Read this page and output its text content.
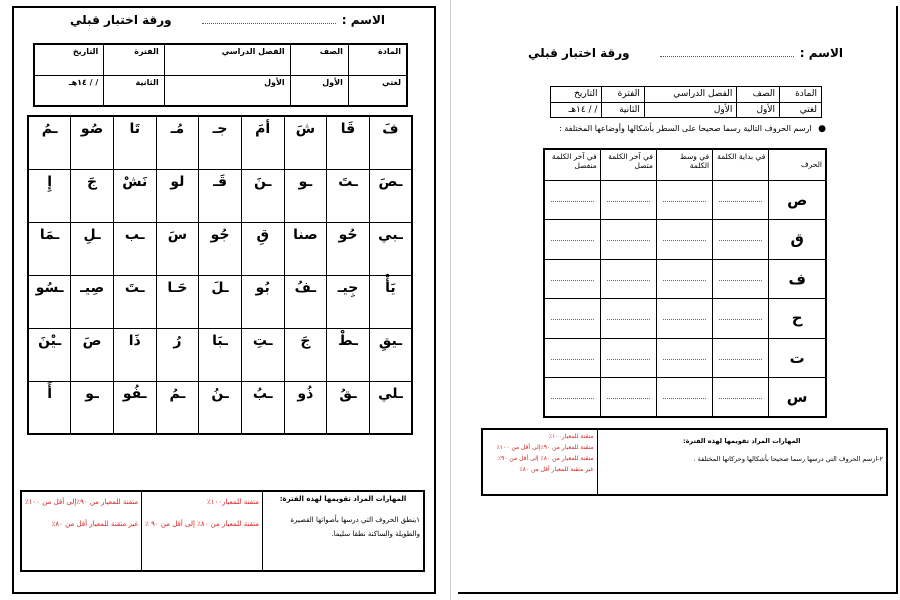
الاسم :
ورقة اختبار قبلي
المادة	الصف	الفصل الدراسي	الفترة	التاريخ
لغتي	الأول	الأول	الثانية	/ / ١٤هـ
فَ	قَا	شَ	أمَ	جـ	مُـ	تَا	صُو	ـمُ
ـصَ	ـتَ	ـو	ـنَ	قَـ	لو	نَشْ	جَ	إِ
ـبي	حُو	صنا	قِ	جُو	سَ	ـب	ـلِ	ـمَا
يَأْ	جِيـ	ـفُ	بُو	ـلَ	حَـا	ـتَ	صِيـ	ـسُو
ـيقِ	ـطْ	جَ	ـتِ	ـبَا	رُ	ذَا	صَ	ـيْنَ
ـلي	ـقُ	ذُو	ـبُ	ـنُ	ـمُ	ـفُو	ـو	أَ
المهارات المراد تقويمها لهذه الفترة:
١ينطق الحروف التي درسها بأصواتها القصيرة والطويلة والساكنة نطقا سليما.

متقنة للمعيار١٠٠٪
متقنة للمعيار من ٨٠٪ إلى أقل من ٩٠ ٪

متقنة للمعيار من ٩٠٪إلى أقل من ١٠٠٪
غير متقنة للمعيار أقل من ٨٠٪
الاسم :
ورقة اختبار قبلي
المادة	الصف	الفصل الدراسي	الفترة	التاريخ
لغتي	الأول	الأول	الثانية	/ / ١٤هـ
● ارسم الحروف التالية رسما صحيحا على السطر بأشكالها وأوضاعها المختلفة :
الحرف	في بداية الكلمة	في وسط الكلمة	في آخر الكلمة متصل	في آخر الكلمة منفصل
ص	

ق	

ف	

ح	

ت	

س	

المهارات المراد تقويمها لهذه الفترة:
٢-ارسم الحروف التي درسها رسما صحيحا بأشكالها وحركاتها المختلفة .

متقنة للمعيار١٠٠٪
متقنة للمعيار من ٩٠٪إلى أقل من ١٠٠٪
متقنة للمعيار من ٨٠٪ إلى أقل من ٩٠٪
غير متقنة للمعيار أقل من ٨٠٪
